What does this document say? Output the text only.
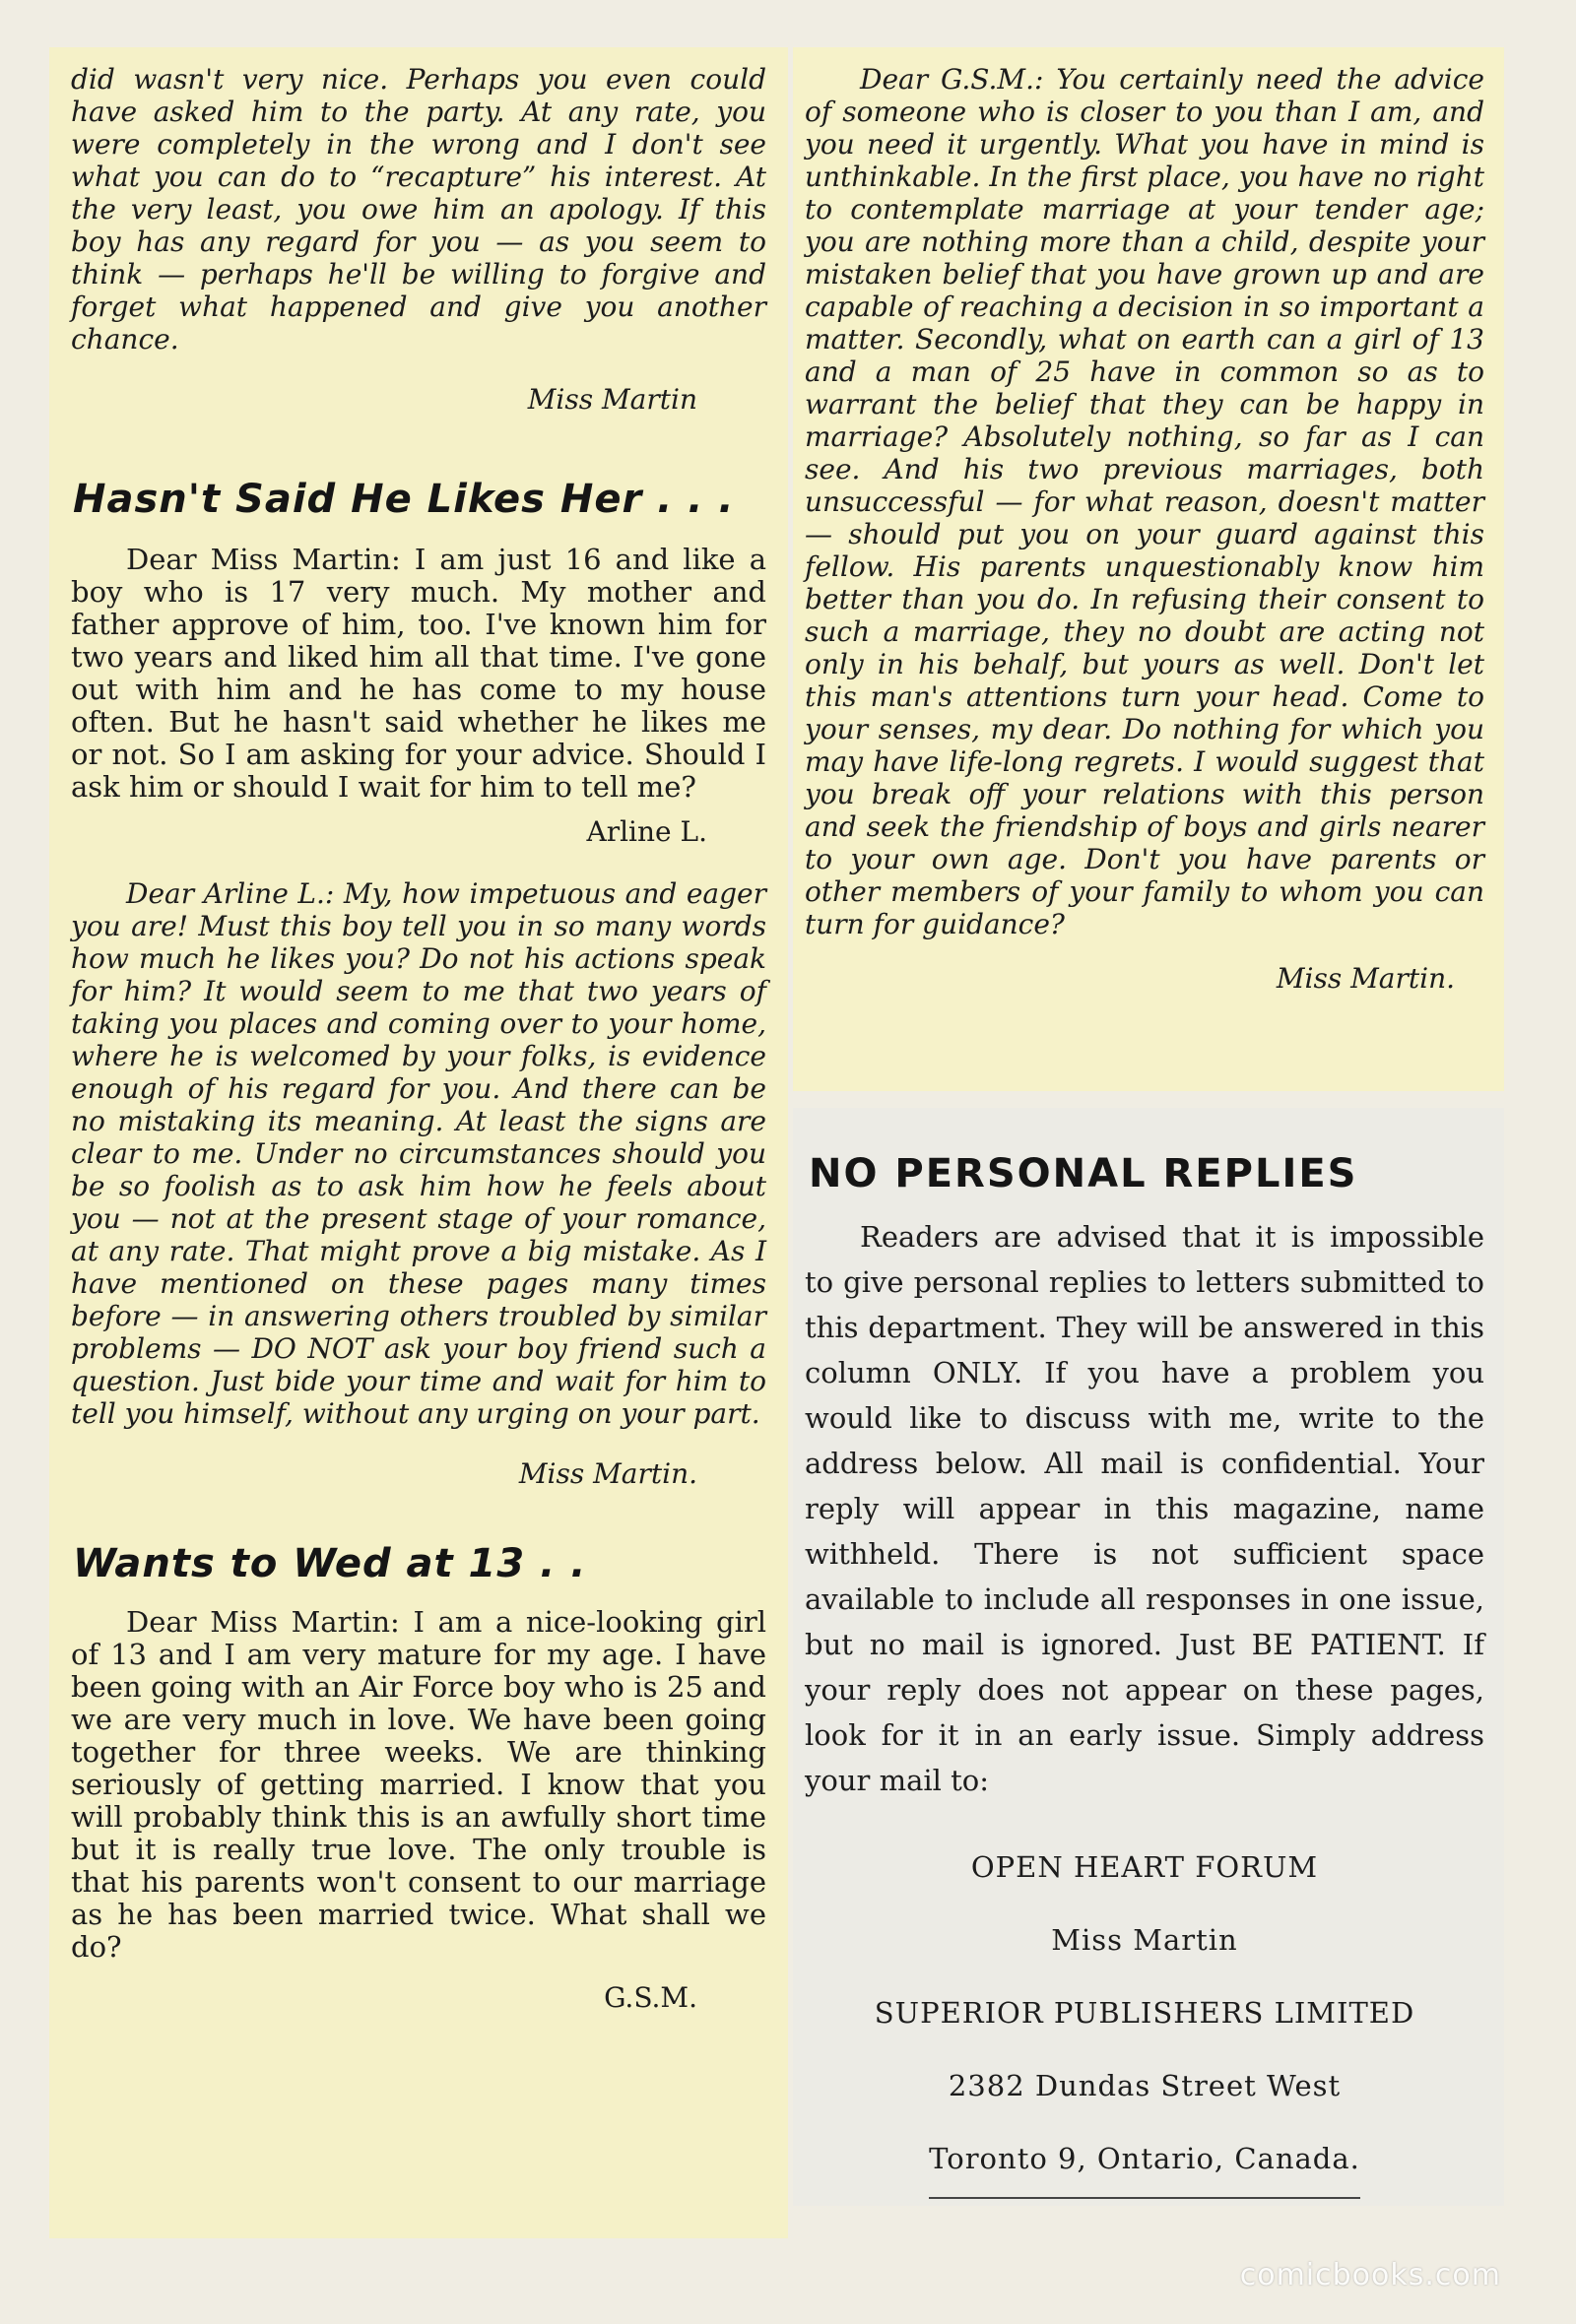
did wasn't very nice. Perhaps you even could have asked him to the party. At any rate, you were completely in the wrong and I don't see what you can do to “recapture” his interest. At the very least, you owe him an apology. If this boy has any regard for you — as you seem to think — perhaps he'll be willing to forgive and forget what happened and give you another chance.

Miss Martin
Hasn't Said He Likes Her . . .

Dear Miss Martin: I am just 16 and like a boy who is 17 very much. My mother and father approve of him, too. I've known him for two years and liked him all that time. I've gone out with him and he has come to my house often. But he hasn't said whether he likes me or not. So I am asking for your advice. Should I ask him or should I wait for him to tell me?

Arline L.

Dear Arline L.: My, how impetuous and eager you are! Must this boy tell you in so many words how much he likes you? Do not his actions speak for him? It would seem to me that two years of taking you places and coming over to your home, where he is welcomed by your folks, is evidence enough of his regard for you. And there can be no mistaking its meaning. At least the signs are clear to me. Under no circumstances should you be so foolish as to ask him how he feels about you — not at the present stage of your romance, at any rate. That might prove a big mistake. As I have mentioned on these pages many times before — in answering others troubled by similar problems — DO NOT ask your boy friend such a question. Just bide your time and wait for him to tell you himself, without any urging on your part.

Miss Martin.
Wants to Wed at 13 . .

Dear Miss Martin: I am a nice-looking girl of 13 and I am very mature for my age. I have been going with an Air Force boy who is 25 and we are very much in love. We have been going together for three weeks. We are thinking seriously of getting married. I know that you will probably think this is an awfully short time but it is really true love. The only trouble is that his parents won't consent to our marriage as he has been married twice. What shall we do?

G.S.M.

Dear G.S.M.: You certainly need the advice of someone who is closer to you than I am, and you need it urgently. What you have in mind is unthinkable. In the first place, you have no right to contemplate marriage at your tender age; you are nothing more than a child, despite your mistaken belief that you have grown up and are capable of reaching a decision in so important a matter. Secondly, what on earth can a girl of 13 and a man of 25 have in common so as to warrant the belief that they can be happy in marriage? Absolutely nothing, so far as I can see. And his two previous marriages, both unsuccessful — for what reason, doesn't matter — should put you on your guard against this fellow. His parents unquestionably know him better than you do. In refusing their consent to such a marriage, they no doubt are acting not only in his behalf, but yours as well. Don't let this man's attentions turn your head. Come to your senses, my dear. Do nothing for which you may have life-long regrets. I would suggest that you break off your relations with this person and seek the friendship of boys and girls nearer to your own age. Don't you have parents or other members of your family to whom you can turn for guidance?

Miss Martin.
NO PERSONAL REPLIES

Readers are advised that it is impossible to give personal replies to letters submitted to this department. They will be answered in this column ONLY. If you have a problem you would like to discuss with me, write to the address below. All mail is confidential. Your reply will appear in this magazine, name withheld. There is not sufficient space available to include all responses in one issue, but no mail is ignored. Just BE PATIENT. If your reply does not appear on these pages, look for it in an early issue. Simply address your mail to:

OPEN HEART FORUM
Miss Martin
SUPERIOR PUBLISHERS LIMITED
2382 Dundas Street West
Toronto 9, Ontario, Canada.
comicbooks.com
